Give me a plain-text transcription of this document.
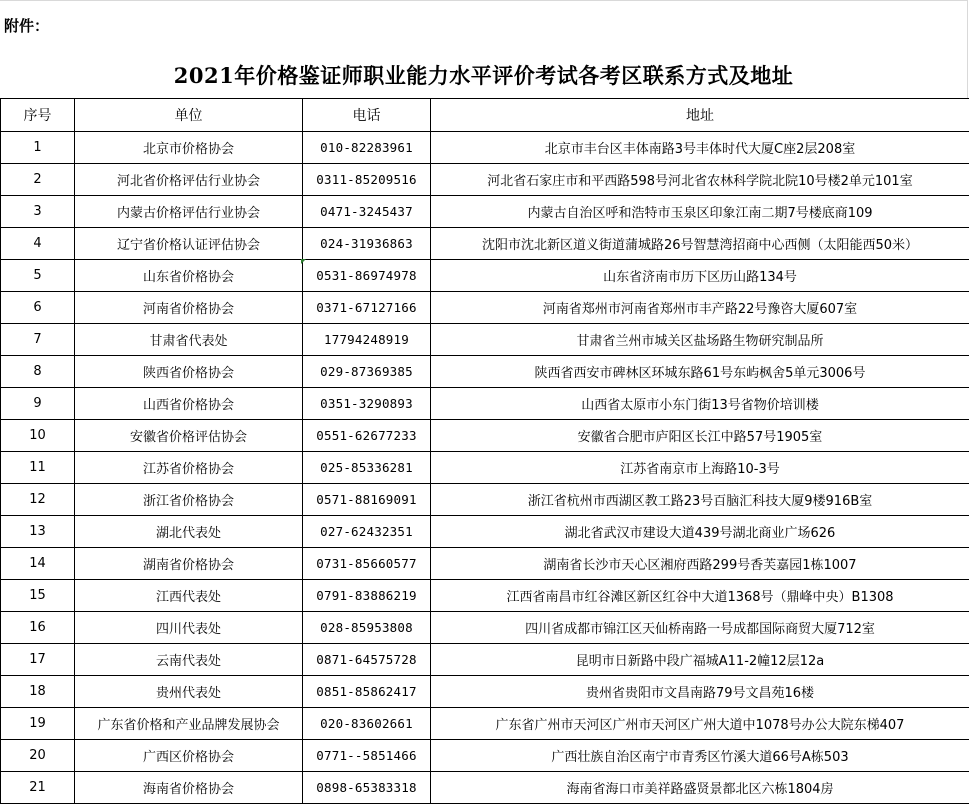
附件：
2021年价格鉴证师职业能力水平评价考试各考区联系方式及地址
序号	单位	电话	地址
1	北京市价格协会	010-82283961	北京市丰台区丰体南路3号丰体时代大厦C座2层208室
2	河北省价格评估行业协会	0311-85209516	河北省石家庄市和平西路598号河北省农林科学院北院10号楼2单元101室
3	内蒙古价格评估行业协会	0471-3245437	内蒙古自治区呼和浩特市玉泉区印象江南二期7号楼底商109
4	辽宁省价格认证评估协会	024-31936863	沈阳市沈北新区道义街道蒲城路26号智慧湾招商中心西侧（太阳能西50米）
5	山东省价格协会	0531-86974978	山东省济南市历下区历山路134号
6	河南省价格协会	0371-67127166	河南省郑州市河南省郑州市丰产路22号豫咨大厦607室
7	甘肃省代表处	17794248919	甘肃省兰州市城关区盐场路生物研究制品所
8	陕西省价格协会	029-87369385	陕西省西安市碑林区环城东路61号东屿枫舍5单元3006号
9	山西省价格协会	0351-3290893	山西省太原市小东门街13号省物价培训楼
10	安徽省价格评估协会	0551-62677233	安徽省合肥市庐阳区长江中路57号1905室
11	江苏省价格协会	025-85336281	江苏省南京市上海路10-3号
12	浙江省价格协会	0571-88169091	浙江省杭州市西湖区教工路23号百脑汇科技大厦9楼916B室
13	湖北代表处	027-62432351	湖北省武汉市建设大道439号湖北商业广场626
14	湖南省价格协会	0731-85660577	湖南省长沙市天心区湘府西路299号香芙嘉园1栋1007
15	江西代表处	0791-83886219	江西省南昌市红谷滩区新区红谷中大道1368号（鼎峰中央）B1308
16	四川代表处	028-85953808	四川省成都市锦江区天仙桥南路一号成都国际商贸大厦712室
17	云南代表处	0871-64575728	昆明市日新路中段广福城A11-2幢12层12a
18	贵州代表处	0851-85862417	贵州省贵阳市文昌南路79号文昌苑16楼
19	广东省价格和产业品牌发展协会	020-83602661	广东省广州市天河区广州市天河区广州大道中1078号办公大院东梯407
20	广西区价格协会	0771--5851466	广西壮族自治区南宁市青秀区竹溪大道66号A栋503
21	海南省价格协会	0898-65383318	海南省海口市美祥路盛贤景都北区六栋1804房
